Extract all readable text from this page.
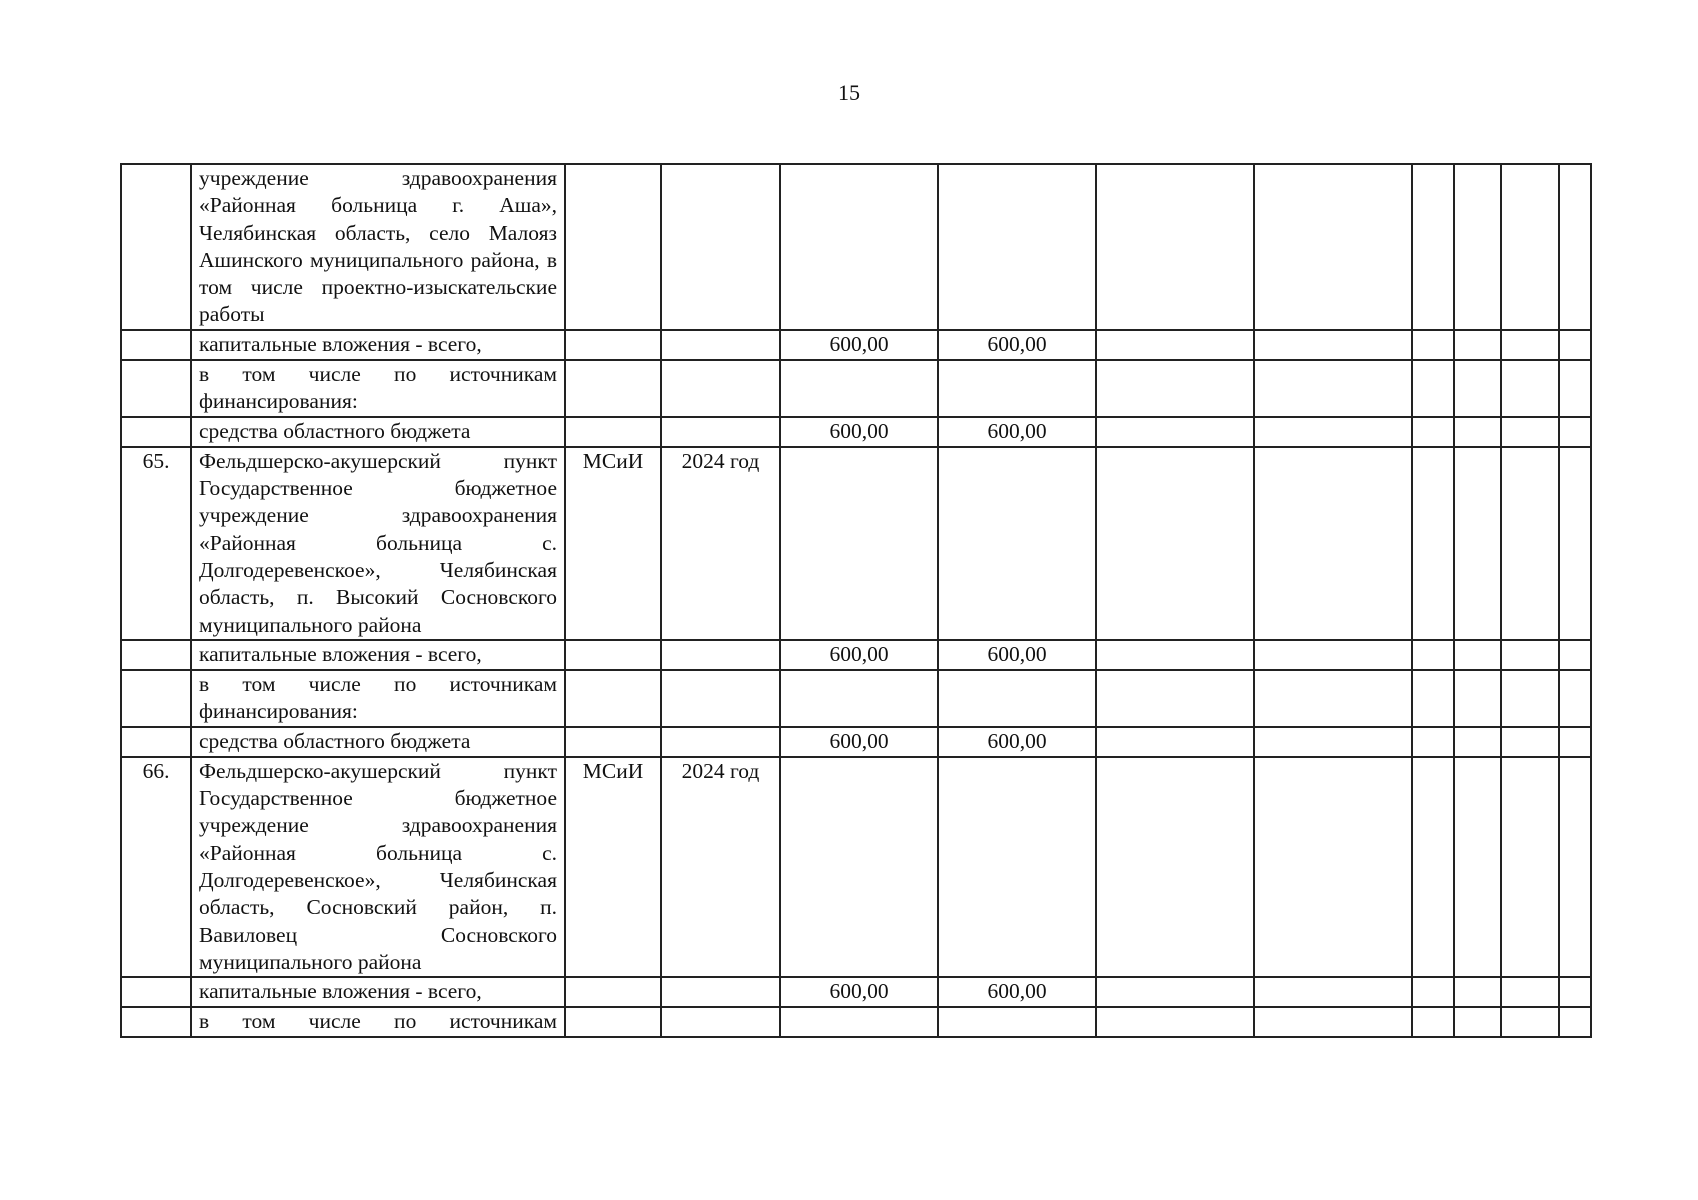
15
	учреждение здравоохранения «Районная больница г. Аша», Челябинская область, село Малояз Ашинского муниципального района, в том числе проектно-изыскательские работы										
	капитальные вложения - всего,			600,00	600,00						
	в том числе по источникам финансирования:										
	средства областного бюджета			600,00	600,00						
65.	Фельдшерско-акушерский пункт Государственное бюджетное учреждение здравоохранения «Районная больница с. Долгодеревенское», Челябинская область, п. Высокий Сосновского муниципального района	МСиИ	2024 год								
	капитальные вложения - всего,			600,00	600,00						
	в том числе по источникам финансирования:										
	средства областного бюджета			600,00	600,00						
66.	Фельдшерско-акушерский пункт Государственное бюджетное учреждение здравоохранения «Районная больница с. Долгодеревенское», Челябинская область, Сосновский район, п. Вавиловец Сосновского муниципального района	МСиИ	2024 год								
	капитальные вложения - всего,			600,00	600,00						
	в том числе по источникам										
